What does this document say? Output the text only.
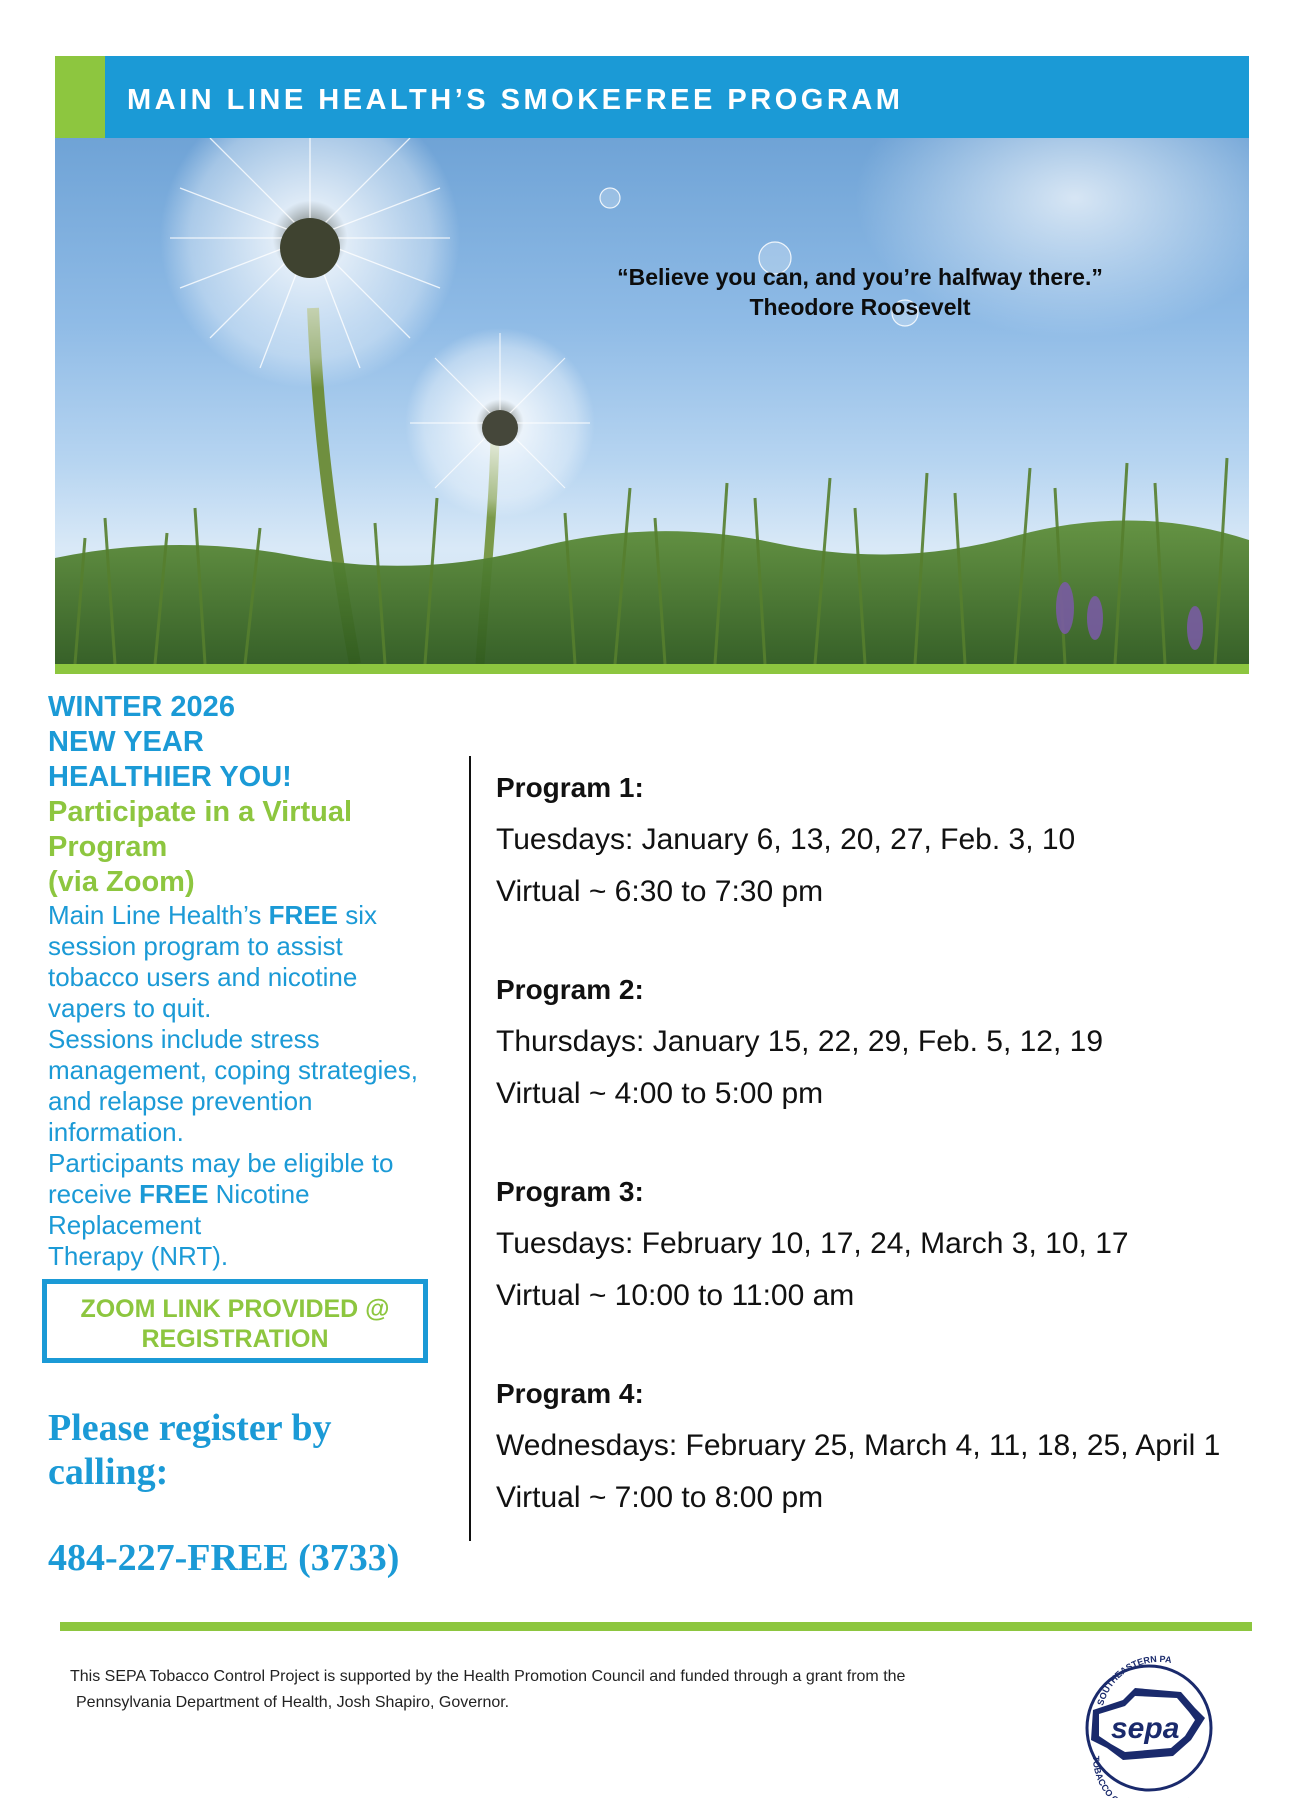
MAIN LINE HEALTH’S SMOKEFREE PROGRAM
“Believe you can, and you’re halfway there.”
Theodore Roosevelt

WINTER 2026

NEW YEAR

HEALTHIER YOU!

Participate in a Virtual

Program

(via Zoom)

Main Line Health’s FREE six

session program to assist

tobacco users and nicotine

vapers to quit.

Sessions include stress

management, coping strategies,

and relapse prevention

information.

Participants may be eligible to

receive FREE Nicotine

Replacement

Therapy (NRT).

ZOOM LINK PROVIDED @
REGISTRATION
Please register by
calling:
484-227-FREE (3733)

Program 1:

Tuesdays: January 6, 13, 20, 27, Feb. 3, 10

Virtual ~ 6:30 to 7:30 pm

Program 2:

Thursdays: January 15, 22, 29, Feb. 5, 12, 19

Virtual ~ 4:00 to 5:00 pm

Program 3:

Tuesdays: February 10, 17, 24, March 3, 10, 17

Virtual ~ 10:00 to 11:00 am

Program 4:

Wednesdays: February 25, March 4, 11, 18, 25, April 1

Virtual ~ 7:00 to 8:00 pm

This SEPA Tobacco Control Project is supported by the Health Promotion Council and funded through a grant from the
Pennsylvania Department of Health, Josh Shapiro, Governor.
sepa
SOUTHEASTERN PA
TOBACCO
